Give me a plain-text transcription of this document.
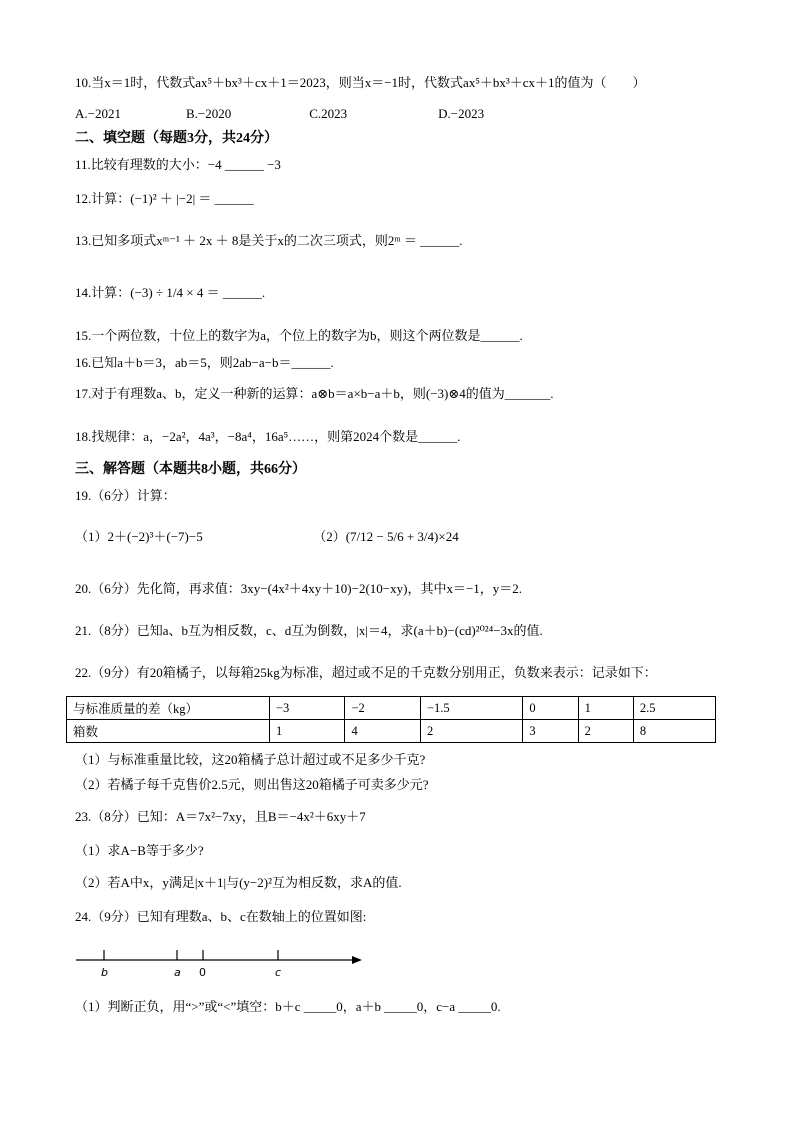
10.当x＝1时，代数式ax⁵＋bx³＋cx＋1＝2023，则当x＝−1时，代数式ax⁵＋bx³＋cx＋1的值为（　　）
A.−2021　　　　　B.−2020　　　　　　C.2023　　　　　　　D.−2023
二、填空题（每题3分，共24分）
11.比较有理数的大小：−4 ______ −3
12.计算：(−1)² ＋ |−2| ＝ ______
13.已知多项式xᵐ⁻¹ ＋ 2x ＋ 8是关于x的二次三项式，则2ᵐ ＝ ______.
14.计算：(−3) ÷ 1/4 × 4 ＝ ______.
15.一个两位数，十位上的数字为a，个位上的数字为b，则这个两位数是______.
16.已知a＋b＝3，ab＝5，则2ab−a−b＝______.
17.对于有理数a、b，定义一种新的运算：a⊗b＝a×b−a＋b，则(−3)⊗4的值为_______.
18.找规律：a，−2a²，4a³，−8a⁴，16a⁵……，则第2024个数是______.
三、解答题（本题共8小题，共66分）
19.（6分）计算：
（1）2＋(−2)³＋(−7)−5　　　　　　　　　（2）(7/12 − 5/6 + 3/4)×24
20.（6分）先化简，再求值：3xy−(4x²＋4xy＋10)−2(10−xy)，其中x＝−1，y＝2.
21.（8分）已知a、b互为相反数，c、d互为倒数，|x|＝4，求(a＋b)−(cd)²⁰²⁴−3x的值.
22.（9分）有20箱橘子，以每箱25kg为标准，超过或不足的千克数分别用正，负数来表示：记录如下：
与标准质量的差（kg）	−3	−2	−1.5	0	1	2.5
箱数	1	4	2	3	2	8
（1）与标准重量比较，这20箱橘子总计超过或不足多少千克?
（2）若橘子每千克售价2.5元，则出售这20箱橘子可卖多少元?
23.（8分）已知：A＝7x²−7xy，且B＝−4x²＋6xy＋7
（1）求A−B等于多少?
（2）若A中x，y满足|x＋1|与(y−2)²互为相反数，求A的值.
24.（9分）已知有理数a、b、c在数轴上的位置如图:
b	a 0	c
（1）判断正负，用“>”或“<”填空：b＋c _____0，a＋b _____0，c−a _____0.
